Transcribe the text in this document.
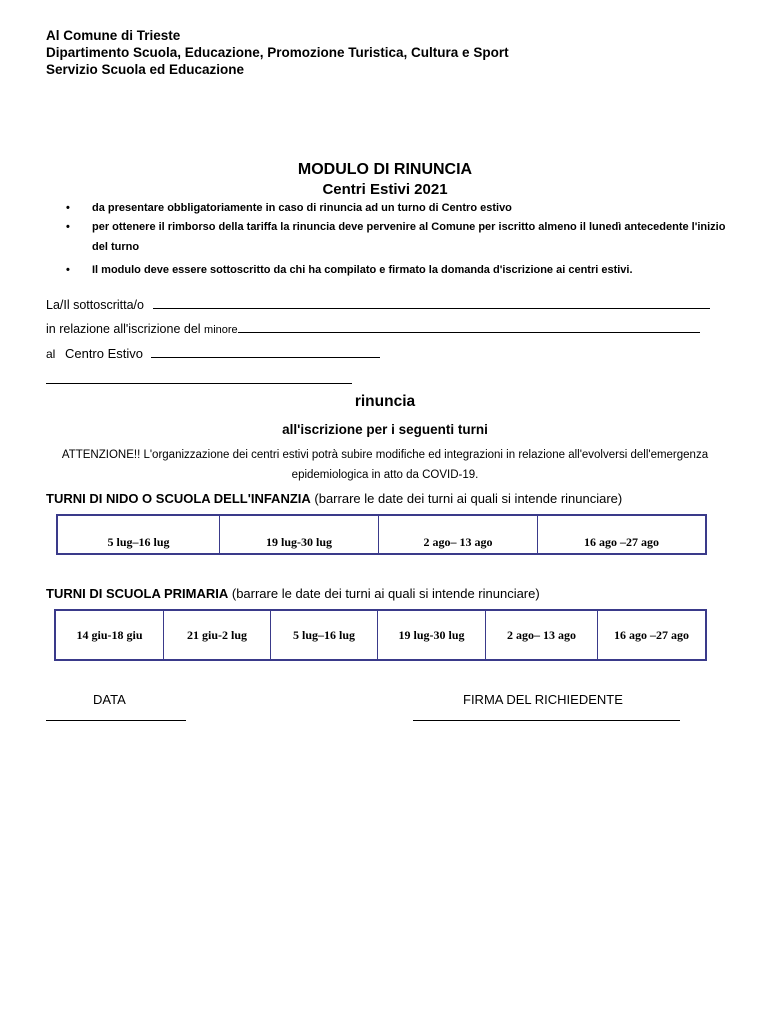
Al Comune di Trieste
Dipartimento Scuola, Educazione, Promozione Turistica, Cultura e Sport
Servizio Scuola ed Educazione
MODULO DI RINUNCIA
Centri Estivi 2021

• da presentare obbligatoriamente in caso di rinuncia ad un turno di Centro estivo

• per ottenere il rimborso della tariffa la rinuncia deve pervenire al Comune per iscritto almeno il lunedì antecedente l'inizio del turno

• Il modulo deve essere sottoscritto da chi ha compilato e firmato la domanda d'iscrizione ai centri estivi.

La/Il sottoscritta/o
in relazione all'iscrizione del minore
al Centro Estivo
rinuncia
all'iscrizione per i seguenti turni
ATTENZIONE!! L'organizzazione dei centri estivi potrà subire modifiche ed integrazioni in relazione all'evolversi dell'emergenza epidemiologica in atto da COVID-19.
TURNI DI NIDO O SCUOLA DELL'INFANZIA (barrare le date dei turni ai quali si intende rinunciare)
5 lug–16 lug	19 lug-30 lug	2 ago– 13 ago	16 ago –27 ago
TURNI DI SCUOLA PRIMARIA (barrare le date dei turni ai quali si intende rinunciare)
14 giu-18 giu	21 giu-2 lug	5 lug–16 lug	19 lug-30 lug	2 ago– 13 ago	16 ago –27 ago
DATA	FIRMA DEL RICHIEDENTE
